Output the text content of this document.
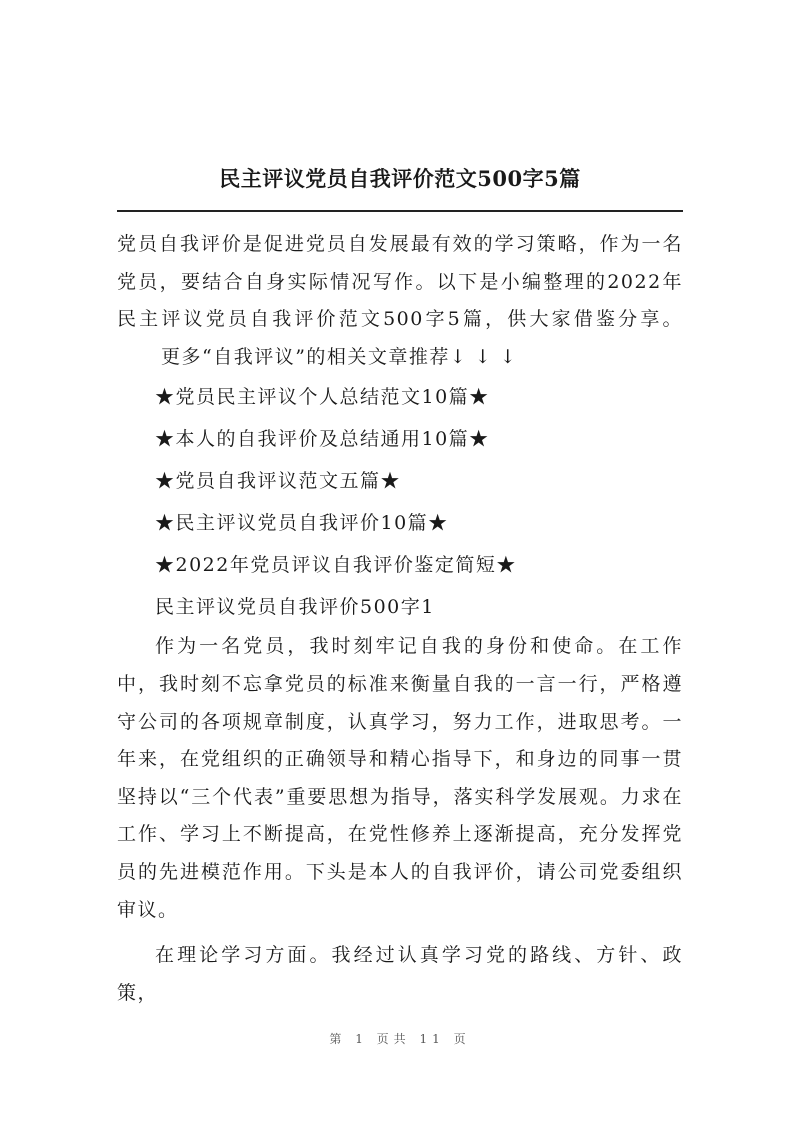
民主评议党员自我评价范文500字5篇

党员自我评价是促进党员自发展最有效的学习策略，作为一名党员，要结合自身实际情况写作。以下是小编整理的2022年民主评议党员自我评价范文500字5篇，供大家借鉴分享。更多“自我评议”的相关文章推荐↓ ↓ ↓

★党员民主评议个人总结范文10篇★

★本人的自我评价及总结通用10篇★

★党员自我评议范文五篇★

★民主评议党员自我评价10篇★

★2022年党员评议自我评价鉴定简短★

民主评议党员自我评价500字1

作为一名党员，我时刻牢记自我的身份和使命。在工作中，我时刻不忘拿党员的标准来衡量自我的一言一行，严格遵守公司的各项规章制度，认真学习，努力工作，进取思考。一年来，在党组织的正确领导和精心指导下，和身边的同事一贯坚持以“三个代表”重要思想为指导，落实科学发展观。力求在工作、学习上不断提高，在党性修养上逐渐提高，充分发挥党员的先进模范作用。下头是本人的自我评价，请公司党委组织审议。

在理论学习方面。我经过认真学习党的路线、方针、政策，

第 1 页共 11 页
